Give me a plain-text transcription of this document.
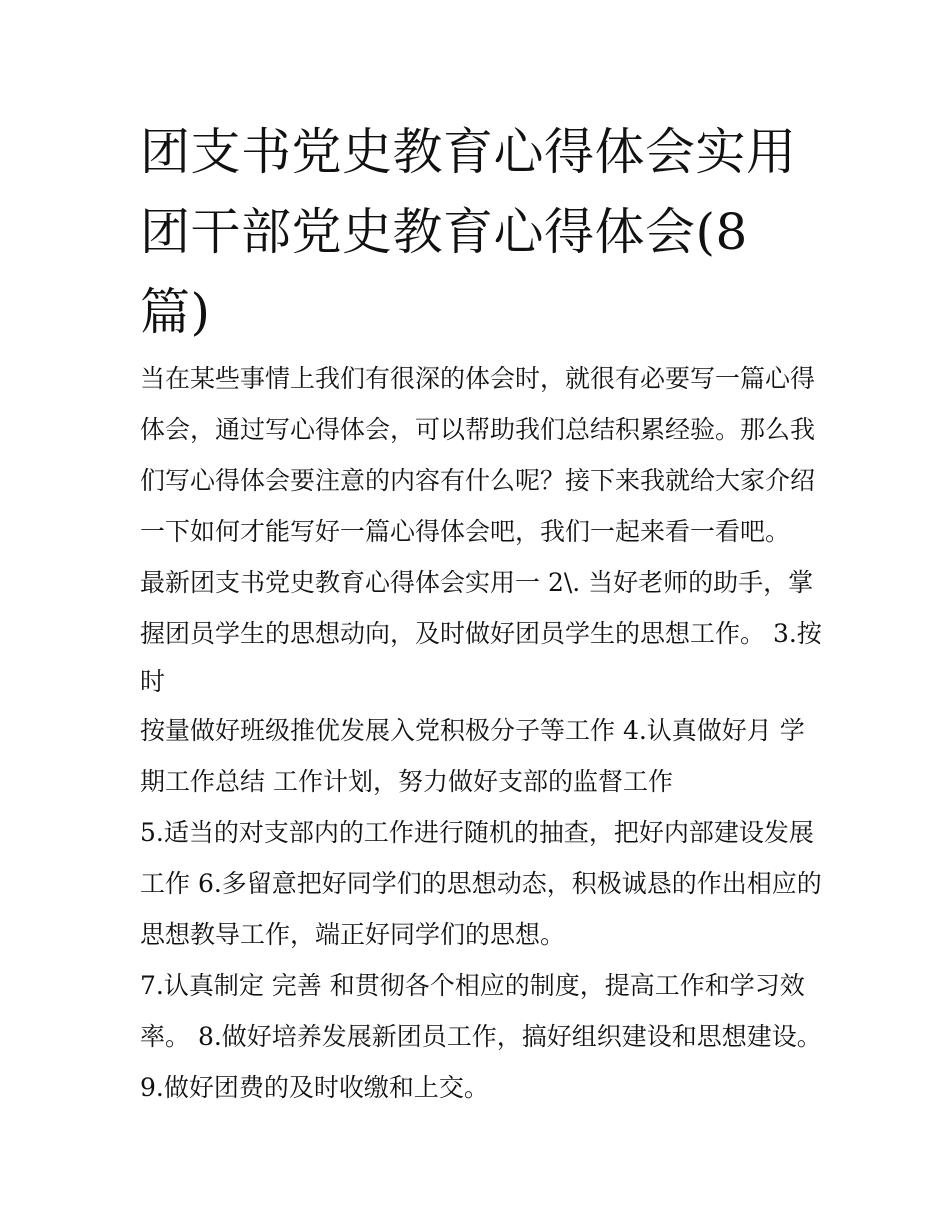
团支书党史教育心得体会实用
团干部党史教育心得体会(8
篇)
当在某些事情上我们有很深的体会时，就很有必要写一篇心得
体会，通过写心得体会，可以帮助我们总结积累经验。那么我
们写心得体会要注意的内容有什么呢？接下来我就给大家介绍
一下如何才能写好一篇心得体会吧，我们一起来看一看吧。
最新团支书党史教育心得体会实用一 2\. 当好老师的助手，掌
握团员学生的思想动向，及时做好团员学生的思想工作。 3.按
时
按量做好班级推优发展入党积极分子等工作 4.认真做好月 学
期工作总结 工作计划，努力做好支部的监督工作
5.适当的对支部内的工作进行随机的抽查，把好内部建设发展
工作 6.多留意把好同学们的思想动态，积极诚恳的作出相应的
思想教导工作，端正好同学们的思想。
7.认真制定 完善 和贯彻各个相应的制度，提高工作和学习效
率。 8.做好培养发展新团员工作，搞好组织建设和思想建设。
9.做好团费的及时收缴和上交。
